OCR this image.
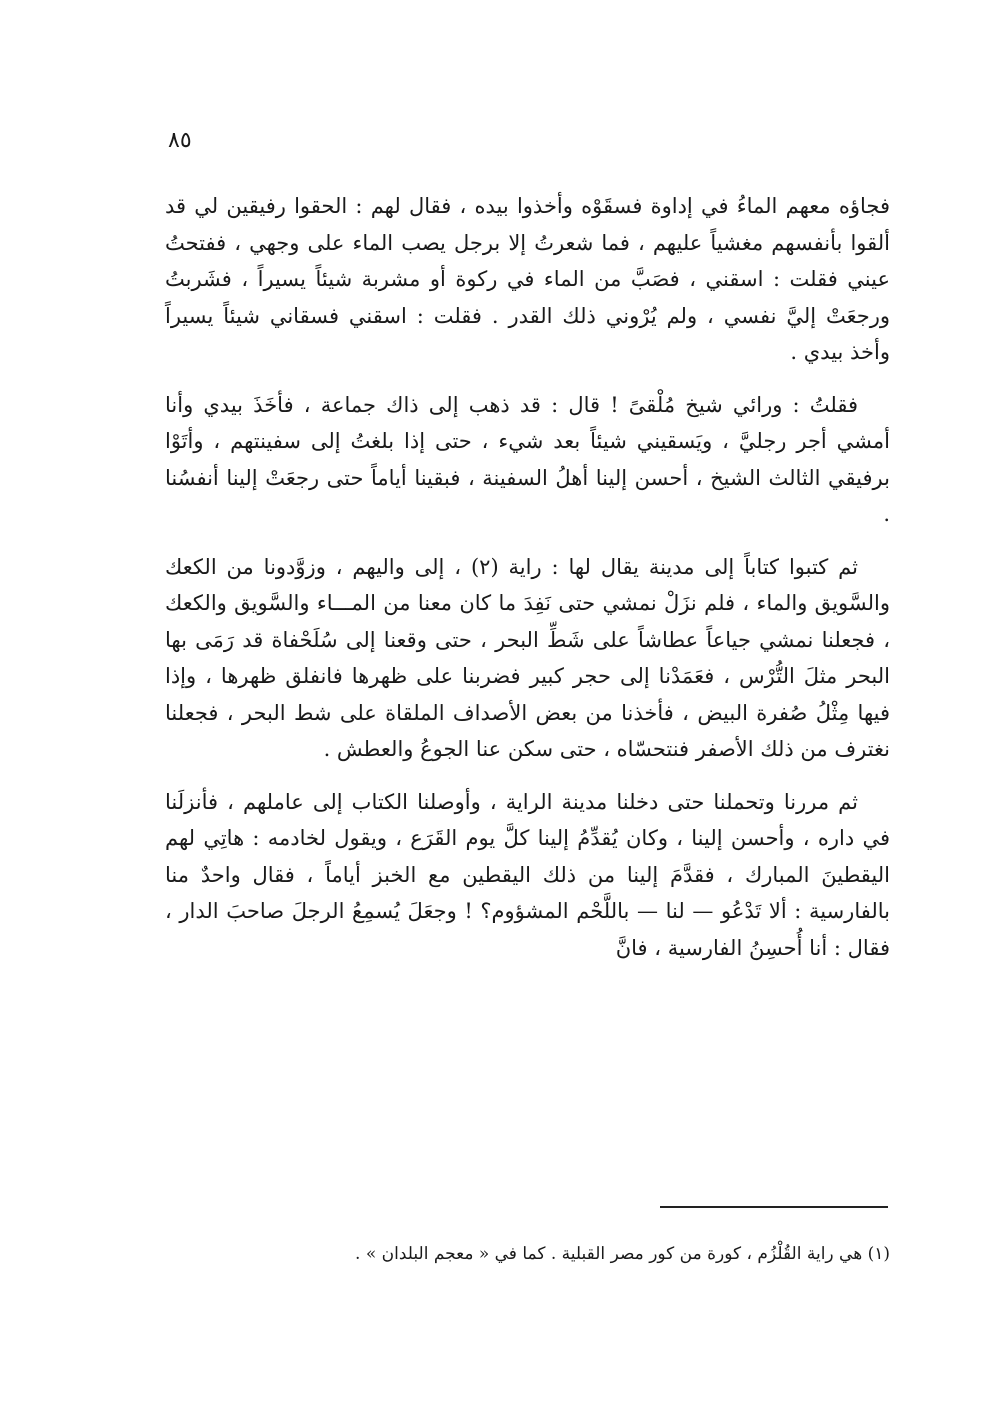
٨٥

فجاؤه معهم الماءُ في إداوة فسقَوْه وأخذوا بيده ، فقال لهم : الحقوا رفيقين لي قد ألقوا بأنفسهم مغشياً عليهم ، فما شعرتُ إلا برجل يصب الماء على وجهي ، ففتحتُ عيني فقلت : اسقني ، فصَبَّ من الماء في ركوة أو مشربة شيئاً يسيراً ، فشَربتُ ورجعَتْ إليَّ نفسي ، ولم يُرْوني ذلك القدر . فقلت : اسقني فسقاني شيئاً يسيراً وأخذ بيدي .

فقلتُ : ورائي شيخ مُلْقىً ! قال : قد ذهب إلى ذاك جماعة ، فأخَذَ بيدي وأنا أمشي أجر رجليَّ ، ويَسقيني شيئاً بعد شيء ، حتى إذا بلغتُ إلى سفينتهم ، وأتَوْا برفيقي الثالث الشيخ ، أحسن إلينا أهلُ السفينة ، فبقينا أياماً حتى رجعَتْ إلينا أنفسُنا .

ثم كتبوا كتاباً إلى مدينة يقال لها : راية (٢) ، إلى واليهم ، وزوَّدونا من الكعك والسَّويق والماء ، فلم نزَلْ نمشي حتى نَفِدَ ما كان معنا من المـــاء والسَّويق والكعك ، فجعلنا نمشي جياعاً عطاشاً على شَطِّ البحر ، حتى وقعنا إلى سُلَحْفاة قد رَمَى بها البحر مثلَ التُّرْس ، فعَمَدْنا إلى حجر كبير فضربنا على ظهرها فانفلق ظهرها ، وإذا فيها مِثْلُ صُفرة البيض ، فأخذنا من بعض الأصداف الملقاة على شط البحر ، فجعلنا نغترف من ذلك الأصفر فنتحسّاه ، حتى سكن عنا الجوعُ والعطش .

ثم مررنا وتحملنا حتى دخلنا مدينة الراية ، وأوصلنا الكتاب إلى عاملهم ، فأنزلَنا في داره ، وأحسن إلينا ، وكان يُقدِّمُ إلينا كلَّ يوم القَرَع ، ويقول لخادمه : هاتِي لهم اليقطينَ المبارك ، فقدَّمَ إلينا من ذلك اليقطين مع الخبز أياماً ، فقال واحدٌ منا بالفارسية : ألا تَدْعُو — لنا — باللَّحْم المشؤوم؟ ! وجعَلَ يُسمِعُ الرجلَ صاحبَ الدار ، فقال : أنا أُحسِنُ الفارسية ، فانَّ

(١) هي راية القُلْزُم ، كورة من كور مصر القبلية . كما في « معجم البلدان » .
